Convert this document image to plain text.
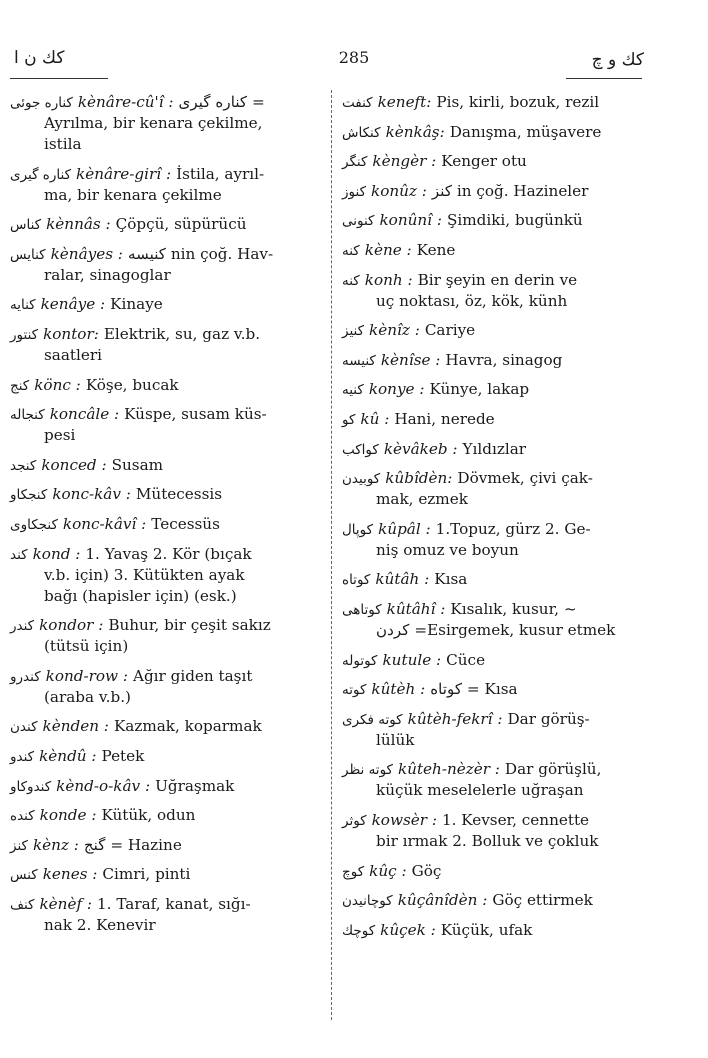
كك ن ا	285	كك و چ
كناره جوئى kènâre-cû'î : كناره گيرى =
Ayrılma, bir kenara çekilme,
istila
كناره گيرى kènâre-girî : İstila, ayrıl-
ma, bir kenara çekilme
كناس kènnâs : Çöpçü, süpürücü
كنايس kènâyes : كنيسه nin çoğ. Hav-
ralar, sinagoglar
كنايه kenâye : Kinaye
كنتور kontor: Elektrik, su, gaz v.b.
saatleri
كنج könc : Köşe, bucak
كنجاله koncâle : Küspe, susam küs-
pesi
كنجد konced : Susam
كنجكاو konc-kâv : Mütecessis
كنجكاوى konc-kâvî : Tecessüs
كند kond : 1. Yavaş 2. Kör (bıçak
v.b. için) 3. Kütükten ayak
bağı (hapisler için) (esk.)
كندر kondor : Buhur, bir çeşit sakız
(tütsü için)
كندرو kond-row : Ağır giden taşıt
(araba v.b.)
كندن kènden : Kazmak, koparmak
كندو kèndû : Petek
كندوكاو kènd-o-kâv : Uğraşmak
كنده konde : Kütük, odun
كنز kènz : گنج = Hazine
كنس kenes : Cimri, pinti
كنف kènèf : 1. Taraf, kanat, sığı-
nak 2. Kenevir
كنفت keneft: Pis, kirli, bozuk, rezil
كنكاش kènkâş: Danışma, müşavere
كنگر kèngèr : Kenger otu
كنوز konûz : كنز in çoğ. Hazineler
كنونى konûnî : Şimdiki, bugünkü
كنه kène : Kene
كنه konh : Bir şeyin en derin ve
uç noktası, öz, kök, künh
كنيز kènîz : Cariye
كنيسه kènîse : Havra, sinagog
كنيه konye : Künye, lakap
كو kû : Hani, nerede
كواكب kèvâkeb : Yıldızlar
كوبيدن kûbîdèn: Dövmek, çivi çak-
mak, ezmek
كوپال kûpâl : 1.Topuz, gürz 2. Ge-
niş omuz ve boyun
كوتاه kûtâh : Kısa
كوتاهى kûtâhî : Kısalık, kusur, ~
كردن =Esirgemek, kusur etmek
كوتوله kutule : Cüce
كوته kûtèh : كوتاه = Kısa
كوته فكرى kûtèh-fekrî : Dar görüş-
lülük
كوته نظر kûteh-nèzèr : Dar görüşlü,
küçük meselelerle uğraşan
كوثر kowsèr : 1. Kevser, cennette
bir ırmak 2. Bolluk ve çokluk
كوچ kûç : Göç
كوچانيدن kûçânîdèn : Göç ettirmek
كوچك kûçek : Küçük, ufak
